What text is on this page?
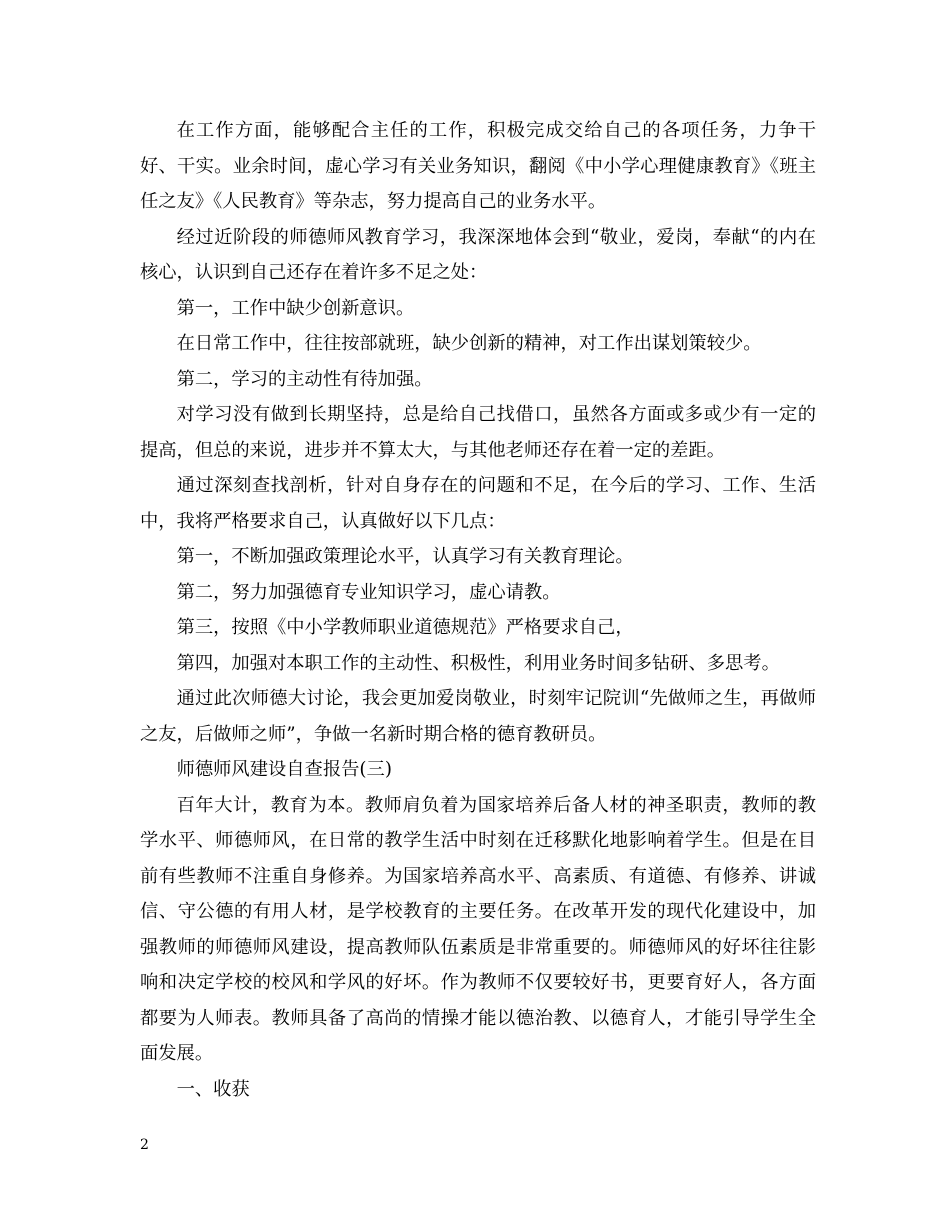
在工作方面，能够配合主任的工作，积极完成交给自己的各项任务，力争干好、干实。业余时间，虚心学习有关业务知识，翻阅《中小学心理健康教育》《班主任之友》《人民教育》等杂志，努力提高自己的业务水平。

经过近阶段的师德师风教育学习，我深深地体会到“敬业，爱岗，奉献“的内在核心，认识到自己还存在着许多不足之处：

第一，工作中缺少创新意识。

在日常工作中，往往按部就班，缺少创新的精神，对工作出谋划策较少。

第二，学习的主动性有待加强。

对学习没有做到长期坚持，总是给自己找借口，虽然各方面或多或少有一定的提高，但总的来说，进步并不算太大，与其他老师还存在着一定的差距。

通过深刻查找剖析，针对自身存在的问题和不足，在今后的学习、工作、生活中，我将严格要求自己，认真做好以下几点：

第一，不断加强政策理论水平，认真学习有关教育理论。

第二，努力加强德育专业知识学习，虚心请教。

第三，按照《中小学教师职业道德规范》严格要求自己，

第四，加强对本职工作的主动性、积极性，利用业务时间多钻研、多思考。

通过此次师德大讨论，我会更加爱岗敬业，时刻牢记院训“先做师之生，再做师之友，后做师之师”，争做一名新时期合格的德育教研员。

师德师风建设自查报告(三)

百年大计，教育为本。教师肩负着为国家培养后备人材的神圣职责，教师的教学水平、师德师风，在日常的教学生活中时刻在迁移默化地影响着学生。但是在目前有些教师不注重自身修养。为国家培养高水平、高素质、有道德、有修养、讲诚信、守公德的有用人材，是学校教育的主要任务。在改革开发的现代化建设中，加强教师的师德师风建设，提高教师队伍素质是非常重要的。师德师风的好坏往往影响和决定学校的校风和学风的好坏。作为教师不仅要较好书，更要育好人，各方面都要为人师表。教师具备了高尚的情操才能以德治教、以德育人，才能引导学生全面发展。

一、收获

2
